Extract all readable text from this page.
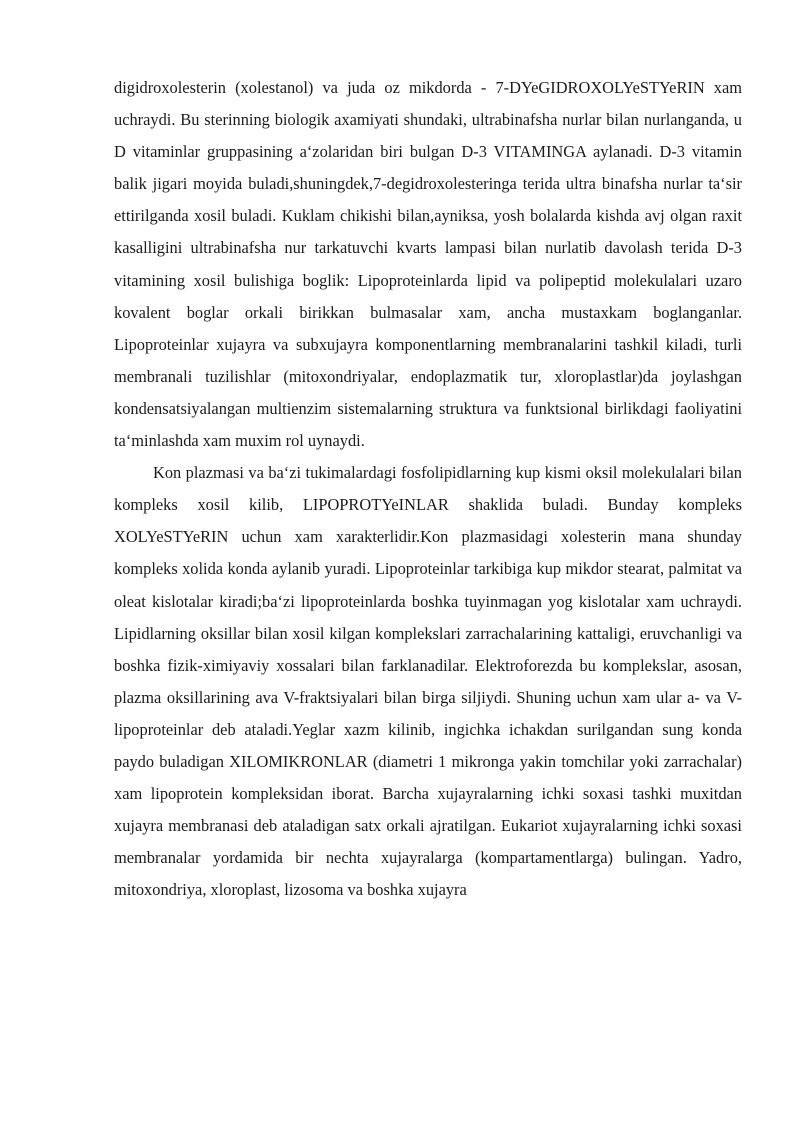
digidroxolesterin (xolestanol) va juda oz mikdorda - 7-DYeGIDROXOLYeSTYeRIN xam uchraydi. Bu sterinning biologik axamiyati shundaki, ultrabinafsha nurlar bilan nurlanganda, u D vitaminlar gruppasining a‘zolaridan biri bulgan D-3 VITAMINGA aylanadi. D-3 vitamin balik jigari moyida buladi,shuningdek,7-degidroxolesteringa terida ultra binafsha nurlar ta‘sir ettirilganda xosil buladi. Kuklam chikishi bilan,ayniksa, yosh bolalarda kishda avj olgan raxit kasalligini ultrabinafsha nur tarkatuvchi kvarts lampasi bilan nurlatib davolash terida D-3 vitamining xosil bulishiga boglik: Lipoproteinlarda lipid va polipeptid molekulalari uzaro kovalent boglar orkali birikkan bulmasalar xam, ancha mustaxkam boglanganlar. Lipoproteinlar xujayra va subxujayra komponentlarning membranalarini tashkil kiladi, turli membranali tuzilishlar (mitoxondriyalar, endoplazmatik tur, xloroplastlar)da joylashgan kondensatsiyalangan multienzim sistemalarning struktura va funktsional birlikdagi faoliyatini ta‘minlashda xam muxim rol uynaydi.

Kon plazmasi va ba‘zi tukimalardagi fosfolipidlarning kup kismi oksil molekulalari bilan kompleks xosil kilib, LIPOPROTYeINLAR shaklida buladi. Bunday kompleks XOLYeSTYeRIN uchun xam xarakterlidir.Kon plazmasidagi xolesterin mana shunday kompleks xolida konda aylanib yuradi. Lipoproteinlar tarkibiga kup mikdor stearat, palmitat va oleat kislotalar kiradi;ba‘zi lipoproteinlarda boshka tuyinmagan yog kislotalar xam uchraydi. Lipidlarning oksillar bilan xosil kilgan komplekslari zarrachalarining kattaligi, eruvchanligi va boshka fizik-ximiyaviy xossalari bilan farklanadilar. Elektroforezda bu komplekslar, asosan, plazma oksillarining ava V-fraktsiyalari bilan birga siljiydi. Shuning uchun xam ular a- va V-lipoproteinlar deb ataladi.Yeglar xazm kilinib, ingichka ichakdan surilgandan sung konda paydo buladigan XILOMIKRONLAR (diametri 1 mikronga yakin tomchilar yoki zarrachalar) xam lipoprotein kompleksidan iborat. Barcha xujayralarning ichki soxasi tashki muxitdan xujayra membranasi deb ataladigan satx orkali ajratilgan. Eukariot xujayralarning ichki soxasi membranalar yordamida bir nechta xujayralarga (kompartamentlarga) bulingan. Yadro, mitoxondriya, xloroplast, lizosoma va boshka xujayra
